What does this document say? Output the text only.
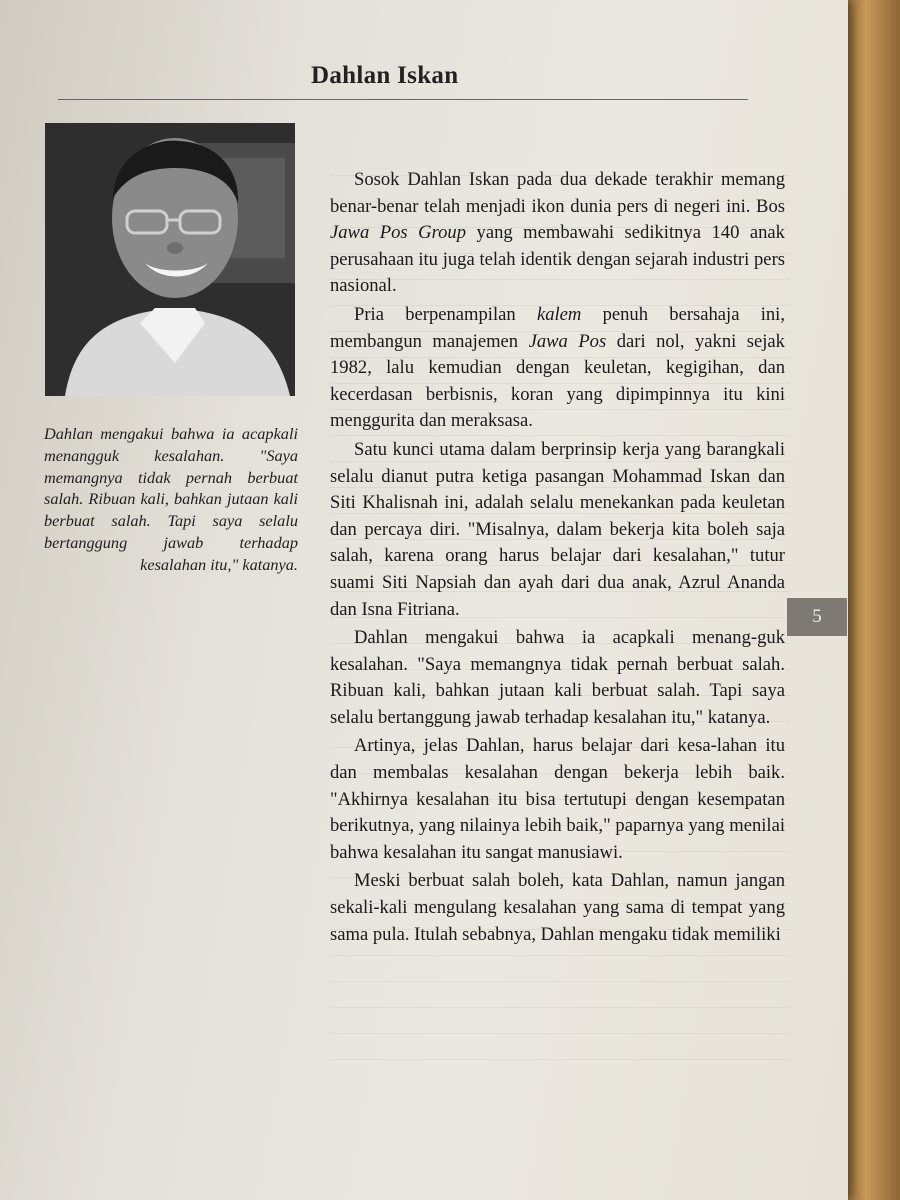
Dahlan Iskan

Dahlan mengakui bahwa ia acapkali menangguk kesalahan. "Saya memangnya tidak pernah berbuat salah. Ribuan kali, bahkan jutaan kali berbuat salah. Tapi saya selalu bertanggung jawab terhadap kesalahan itu," katanya.

Sosok Dahlan Iskan pada dua dekade terakhir memang benar-benar telah menjadi ikon dunia pers di negeri ini. Bos Jawa Pos Group yang membawahi sedikitnya 140 anak perusahaan itu juga telah identik dengan sejarah industri pers nasional.

Pria berpenampilan kalem penuh bersahaja ini, membangun manajemen Jawa Pos dari nol, yakni sejak 1982, lalu kemudian dengan keuletan, kegigihan, dan kecerdasan berbisnis, koran yang dipimpinnya itu kini menggurita dan meraksasa.

Satu kunci utama dalam berprinsip kerja yang barangkali selalu dianut putra ketiga pasangan Mohammad Iskan dan Siti Khalisnah ini, adalah selalu menekankan pada keuletan dan percaya diri. "Misalnya, dalam bekerja kita boleh saja salah, karena orang harus belajar dari kesalahan," tutur suami Siti Napsiah dan ayah dari dua anak, Azrul Ananda dan Isna Fitriana.

Dahlan mengakui bahwa ia acapkali menang-guk kesalahan. "Saya memangnya tidak pernah berbuat salah. Ribuan kali, bahkan jutaan kali berbuat salah. Tapi saya selalu bertanggung jawab terhadap kesalahan itu," katanya.

Artinya, jelas Dahlan, harus belajar dari kesa-lahan itu dan membalas kesalahan dengan bekerja lebih baik. "Akhirnya kesalahan itu bisa tertutupi dengan kesempatan berikutnya, yang nilainya lebih baik," paparnya yang menilai bahwa kesalahan itu sangat manusiawi.

Meski berbuat salah boleh, kata Dahlan, namun jangan sekali-kali mengulang kesalahan yang sama di tempat yang sama pula. Itulah sebabnya, Dahlan mengaku tidak memiliki

5
